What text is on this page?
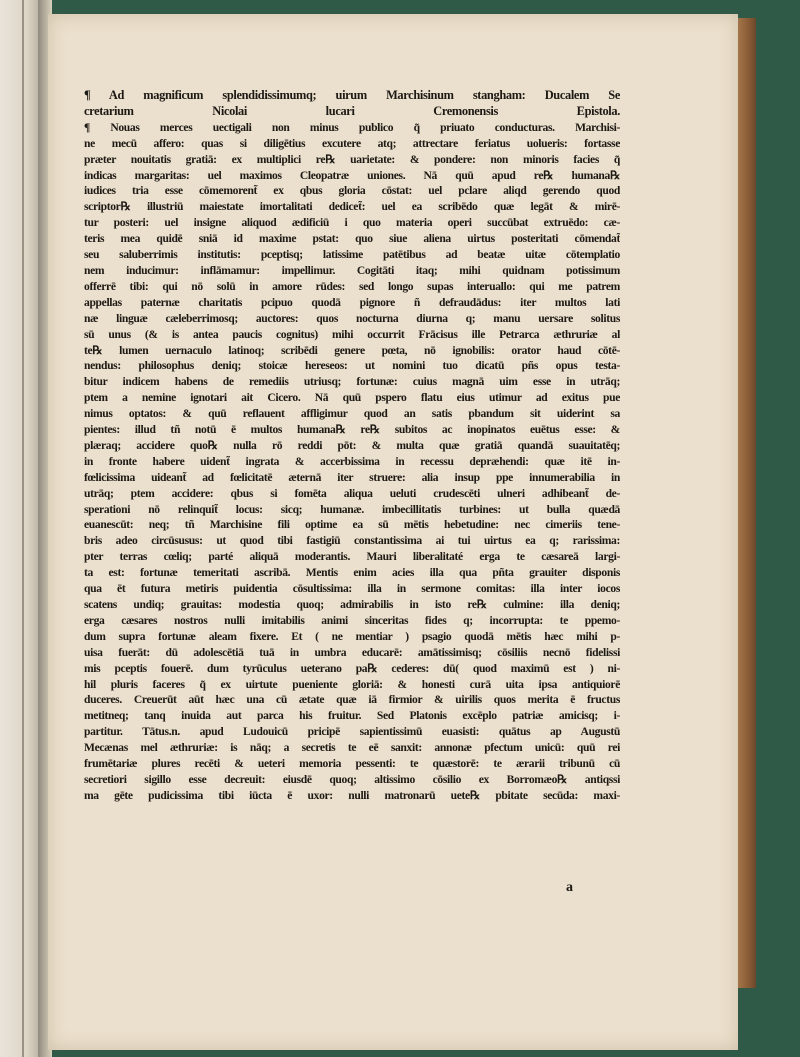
¶ Ad magnificum splendidissimumq; uirum Marchisinum stangham: Ducalem Se
cretarium Nicolai lucari Cremonensis Epistola.
¶ Nouas merces uectigali non minus publico q̃ priuato conducturas. Marchisi-
ne mecū affero: quas si diligētius excutere atq; attrectare feriatus uolueris: fortasse
præter nouitatis gratiā: ex multiplici re℞ uarietate: & pondere: non minoris facies q̃
indicas margaritas: uel maximos Cleopatræ uniones. Nā quū apud re℞ humana℞
iudices tria esse cōmemorent̃ ex qbus gloria cōstat: uel pclare aliqd gerendo quod
scriptor℞ illustriū maiestate imortalitati dedicet̃: uel ea scribēdo quæ legāt & mirē-
tur posteri: uel insigne aliquod ædificiū i quo materia operi succūbat extruēdo: cæ-
teris mea quidē sniā id maxime pstat: quo siue aliena uirtus posteritati cōmendat̃
seu saluberrimis institutis: pceptisq; latissime patētibus ad beatæ uitæ cōtemplatio
nem inducimur: inflāmamur: impellimur. Cogitāti itaq; mihi quidnam potissimum
offerrē tibi: qui nō solū in amore rūdes: sed longo supas interuallo: qui me patrem
appellas paternæ charitatis pcipuo quodā pignore ñ defraudādus: iter multos lati
næ linguæ cæleberrimosq; auctores: quos nocturna diurna q; manu uersare solitus
sū unus (& is antea paucis cognitus) mihi occurrit Frācisus ille Petrarca æthruriæ al
te℞ lumen uernaculo latinoq; scribēdi genere pœta, nō ignobilis: orator haud cōtē-
nendus: philosophus deniq; stoicæ hereseos: ut nomini tuo dicatū pñs opus testa-
bitur indicem habens de remediis utriusq; fortunæ: cuius magnā uim esse in utrāq;
ptem a nemine ignotari ait Cicero. Nā quū pspero flatu eius utimur ad exitus pue
nimus optatos: & quū reflauent affligimur quod an satis pbandum sit uiderint sa
pientes: illud tñ notū ē multos humana℞ re℞ subitos ac inopinatos euētus esse: &
plæraq; accidere quo℞ nulla rō reddi pōt: & multa quæ gratiā quandā suauitatēq;
in fronte habere uident̃ ingrata & accerbissima in recessu depræhendi: quæ itē in-
fœlicissima uideant̃ ad fœlicitatē æternā iter struere: alia insup ppe innumerabilia in
utrāq; ptem accidere: qbus si fomēta aliqua ueluti crudescēti ulneri adhibeant̃ de-
sperationi nō relinquit̃ locus: sicq; humanæ. imbecillitatis turbines: ut bulla quædā
euanescūt: neq; tñ Marchisine fili optime ea sū mētis hebetudine: nec cimeriis tene-
bris adeo circūsusus: ut quod tibi fastigiū constantissima ai tui uirtus ea q; rarissima:
pter terras cœliq; parté aliquā moderantis. Mauri liberalitaté erga te cæsareā largi-
ta est: fortunæ temeritati ascribā. Mentis enim acies illa qua pñta grauiter disponis
qua ēt futura metiris puidentia cōsultissima: illa in sermone comitas: illa inter iocos
scatens undiq; grauitas: modestia quoq; admirabilis in isto re℞ culmine: illa deniq;
erga cæsares nostros nulli imitabilis animi sinceritas fides q; incorrupta: te ppemo-
dum supra fortunæ aleam fixere. Et ( ne mentiar ) psagio quodā mētis hæc mihi p-
uisa fuerāt: dū adolescētiā tuā in umbra educarē: amātissimisq; cōsiliis necnō fidelissi
mis pceptis fouerē. dum tyrūculus ueterano pa℞ cederes: dū( quod maximū est ) ni-
hil pluris faceres q̃ ex uirtute pueniente gloriā: & honesti curā uita ipsa antiquiorē
duceres. Creuerūt aūt hæc una cū ætate quæ iā firmior & uirilis quos merita ē fructus
metitneq; tanq inuida aut parca his fruitur. Sed Platonis excēplo patriæ amicisq; i-
partitur. Tātus.n. apud Ludouicū pricipē sapientissimū euasisti: quātus ap Augustū
Mecænas mel æthruriæ: is nāq; a secretis te eē sanxit: annonæ pfectum unicū: quū rei
frumētariæ plures recēti & ueteri memoria pessenti: te quæstorē: te ærarii tribunū cū
secretiori sigillo esse decreuit: eiusdē quoq; altissimo cōsilio ex Borromæo℞ antiqssi
ma gēte pudicissima tibi iūcta ē uxor: nulli matronarū uete℞ pbitate secūda: maxi-
a
